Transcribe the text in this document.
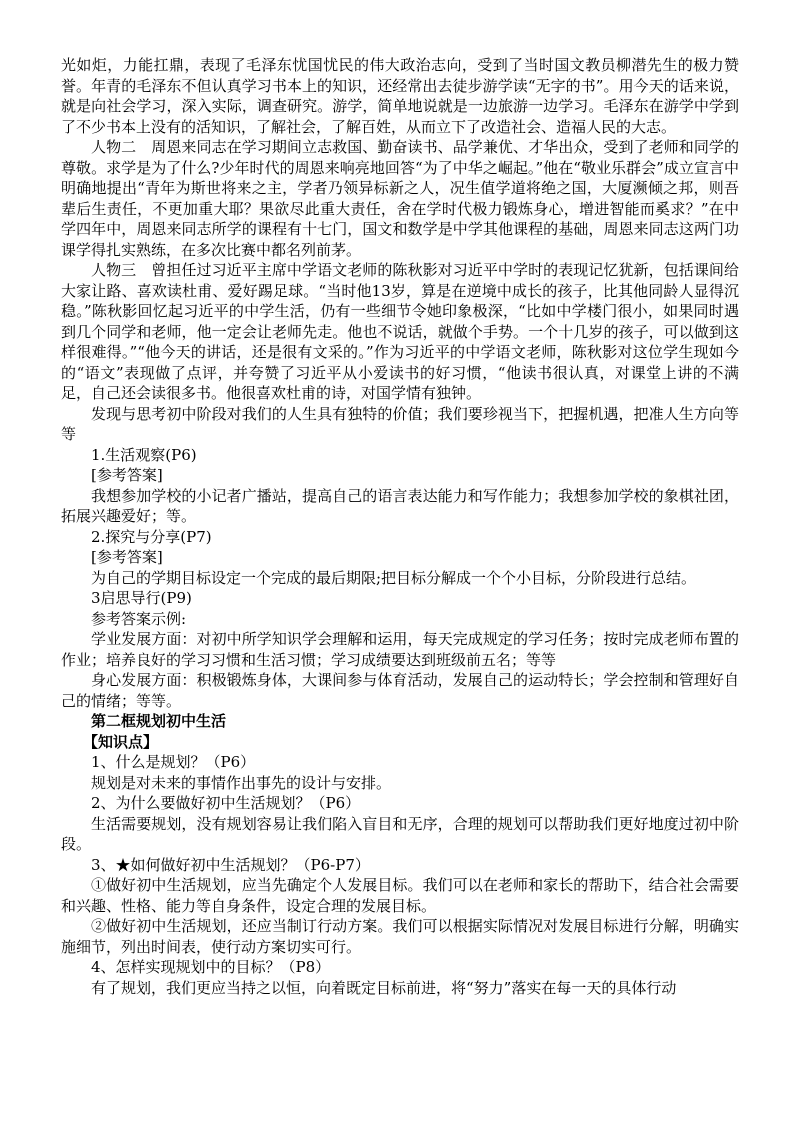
光如炬，力能扛鼎，表现了毛泽东忧国忧民的伟大政治志向，受到了当时国文教员柳潜先生的极力赞誉。年青的毛泽东不但认真学习书本上的知识，还经常出去徒步游学读“无字的书”。用今天的话来说，就是向社会学习，深入实际，调查研究。游学，简单地说就是一边旅游一边学习。毛泽东在游学中学到了不少书本上没有的活知识，了解社会，了解百姓，从而立下了改造社会、造福人民的大志。

人物二　周恩来同志在学习期间立志救国、勤奋读书、品学兼优、才华出众，受到了老师和同学的尊敬。求学是为了什么?少年时代的周恩来响亮地回答“为了中华之崛起。”他在“敬业乐群会”成立宣言中明确地提出“青年为斯世将来之主，学者乃领异标新之人，况生值学道将绝之国，大厦濒倾之邦，则吾辈后生责任，不更加重大耶？果欲尽此重大责任，舍在学时代极力锻炼身心，增进智能而奚求？”在中学四年中，周恩来同志所学的课程有十七门，国文和数学是中学其他课程的基础，周恩来同志这两门功课学得扎实熟练，在多次比赛中都名列前茅。

人物三　曾担任过习近平主席中学语文老师的陈秋影对习近平中学时的表现记忆犹新，包括课间给大家让路、喜欢读杜甫、爱好踢足球。“当时他13岁，算是在逆境中成长的孩子，比其他同龄人显得沉稳。”陈秋影回忆起习近平的中学生活，仍有一些细节令她印象极深，“比如中学楼门很小，如果同时遇到几个同学和老师，他一定会让老师先走。他也不说话，就做个手势。一个十几岁的孩子，可以做到这样很难得。”“他今天的讲话，还是很有文采的。”作为习近平的中学语文老师，陈秋影对这位学生现如今的“语文”表现做了点评，并夸赞了习近平从小爱读书的好习惯，“他读书很认真，对课堂上讲的不满足，自己还会读很多书。他很喜欢杜甫的诗，对国学情有独钟。

发现与思考初中阶段对我们的人生具有独特的价值；我们要珍视当下，把握机遇，把准人生方向等等

1.生活观察(P6)

[参考答案]

我想参加学校的小记者广播站，提高自己的语言表达能力和写作能力；我想参加学校的象棋社团，拓展兴趣爱好；等。

2.探究与分享(P7)

[参考答案]

为自己的学期目标设定一个完成的最后期限;把目标分解成一个个小目标，分阶段进行总结。

3启思导行(P9)

参考答案示例:

学业发展方面：对初中所学知识学会理解和运用，每天完成规定的学习任务；按时完成老师布置的作业；培养良好的学习习惯和生活习惯；学习成绩要达到班级前五名；等等

身心发展方面：积极锻炼身体，大课间参与体育活动，发展自己的运动特长；学会控制和管理好自己的情绪；等等。

第二框规划初中生活

【知识点】

1、什么是规划？（P6）

规划是对未来的事情作出事先的设计与安排。

2、为什么要做好初中生活规划？（P6）

生活需要规划，没有规划容易让我们陷入盲目和无序，合理的规划可以帮助我们更好地度过初中阶段。

3、★如何做好初中生活规划？（P6-P7）

①做好初中生活规划，应当先确定个人发展目标。我们可以在老师和家长的帮助下，结合社会需要和兴趣、性格、能力等自身条件，设定合理的发展目标。

②做好初中生活规划，还应当制订行动方案。我们可以根据实际情况对发展目标进行分解，明确实施细节，列出时间表，使行动方案切实可行。

4、怎样实现规划中的目标？（P8）

有了规划，我们更应当持之以恒，向着既定目标前进，将“努力”落实在每一天的具体行动
